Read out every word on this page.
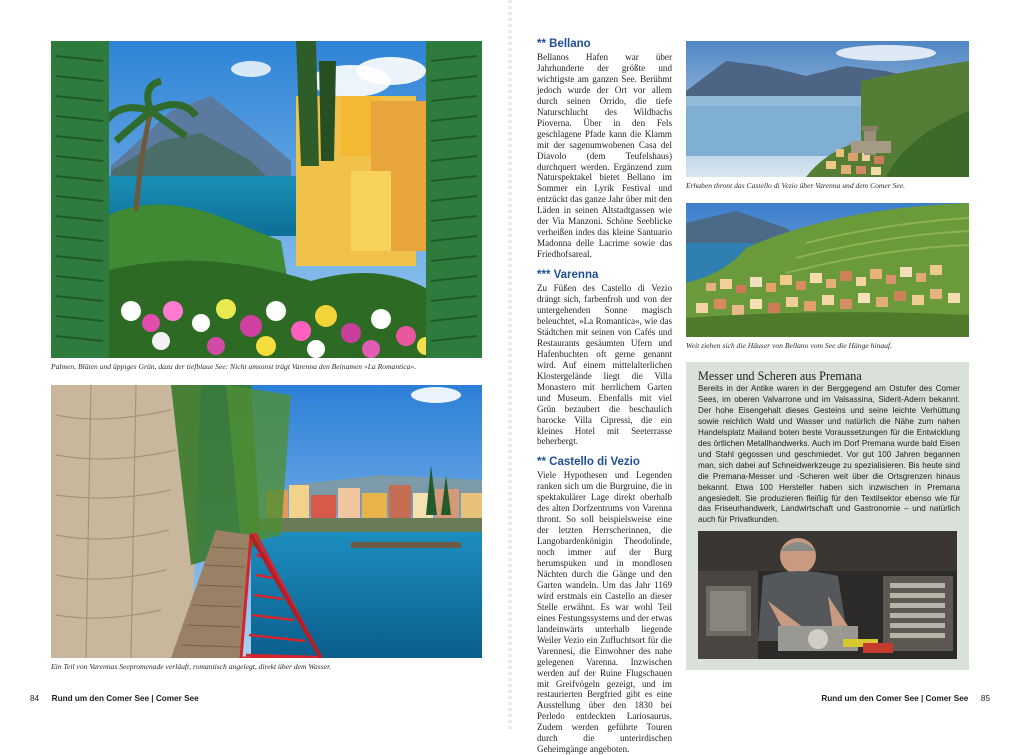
Palmen, Blüten und üppiges Grün, dazu der tiefblaue See: Nicht umsonst trägt Varenna den Beinamen »La Romantica«.
Ein Teil von Varennas Seepromenade verläuft, romantisch angelegt, direkt über dem Wasser.
84 Rund um den Comer See | Comer See
** Bellano

Bellanos Hafen war über Jahrhunderte der größte und wichtigste am ganzen See. Berühmt jedoch wurde der Ort vor allem durch seinen Orrido, die tiefe Naturschlucht des Wildbachs Pioverna. Über in den Fels geschlagene Pfade kann die Klamm mit der sagenumwobenen Casa del Diavolo (dem Teufelshaus) durchquert werden. Ergänzend zum Naturspektakel bietet Bellano im Sommer ein Lyrik Festival und entzückt das ganze Jahr über mit den Läden in seinen Altstadtgassen wie der Via Manzoni. Schöne Seeblicke verheißen indes das kleine Santuario Madonna delle Lacrime sowie das Friedhofsareal.

*** Varenna

Zu Füßen des Castello di Vezio drängt sich, farbenfroh und von der untergehenden Sonne magisch beleuchtet, »La Romantica«, wie das Städtchen mit seinen von Cafés und Restaurants gesäumten Ufern und Hafenbuchten oft gerne genannt wird. Auf einem mittelalterlichen Klostergelände liegt die Villa Monastero mit herrlichem Garten und Museum. Ebenfalls mit viel Grün bezaubert die beschaulich barocke Villa Cipressi, die ein kleines Hotel mit Seeterrasse beherbergt.

** Castello di Vezio

Viele Hypothesen und Legenden ranken sich um die Burgruine, die in spektakulärer Lage direkt oberhalb des alten Dorfzentrums von Varenna thront. So soll beispielsweise eine der letzten Herrscherinnen, die Langobardenkönigin Theodolinde, noch immer auf der Burg herumspuken und in mondlosen Nächten durch die Gänge und den Garten wandeln. Um das Jahr 1169 wird erstmals ein Castello an dieser Stelle erwähnt. Es war wohl Teil eines Festungssystems und der etwas landeinwärts unterhalb liegende Weiler Vezio ein Zufluchtsort für die Varennesi, die Einwohner des nahe gelegenen Varenna. Inzwischen werden auf der Ruine Flugschauen mit Greifvögeln gezeigt, und im restaurierten Bergfried gibt es eine Ausstellung über den 1830 bei Perledo entdeckten Lariosaurus. Zudem werden geführte Touren durch die unterirdischen Geheimgänge angeboten.

Erhaben thront das Castello di Vezio über Varenna und dem Comer See.
Weit ziehen sich die Häuser von Bellano vom See die Hänge hinauf.
Messer und Scheren aus Premana
Bereits in der Antike waren in der Berggegend am Ostufer des Comer Sees, im oberen Valvarrone und im Valsassina, Siderit-Adern bekannt. Der hohe Eisengehalt dieses Gesteins und seine leichte Verhüttung sowie reichlich Wald und Wasser und natürlich die Nähe zum nahen Handelsplatz Mailand boten beste Voraussetzungen für die Entwicklung des örtlichen Metallhandwerks. Auch im Dorf Premana wurde bald Eisen und Stahl gegossen und geschmiedet. Vor gut 100 Jahren begannen man, sich dabei auf Schneidwerkzeuge zu spezialisieren. Bis heute sind die Premana-Messer und -Scheren weit über die Ortsgrenzen hinaus bekannt. Etwa 100 Hersteller haben sich inzwischen in Premana angesiedelt. Sie produzieren fleißig für den Textilsektor ebenso wie für das Friseurhandwerk, Landwirtschaft und Gastronomie – und natürlich auch für Privatkunden.
Rund um den Comer See | Comer See 85
